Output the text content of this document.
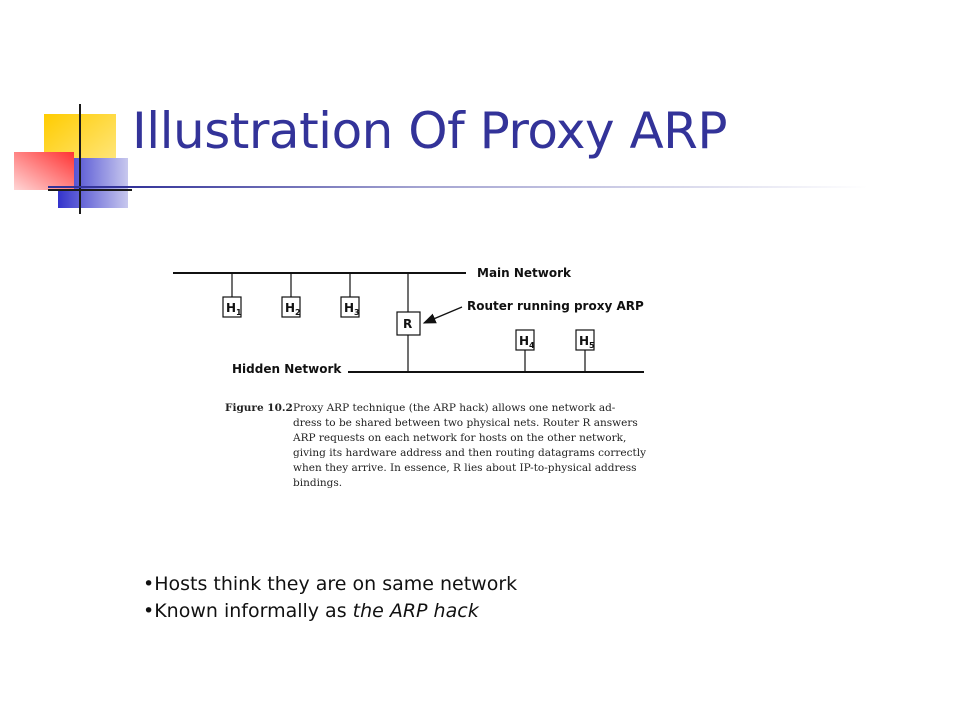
Illustration Of Proxy ARP
Main Network
$H_1$	$H_2$	$H_3$
R
Router running proxy ARP
$H_4$	$H_5$
Hidden Network
Figure 10.2 Proxy ARP technique (the ARP hack) allows one network ad-
dress to be shared between two physical nets. Router R answers
ARP requests on each network for hosts on the other network,
giving its hardware address and then routing datagrams correctly
when they arrive. In essence, R lies about IP-to-physical address
bindings.
•Hosts think they are on same network
•Known informally as the ARP hack
